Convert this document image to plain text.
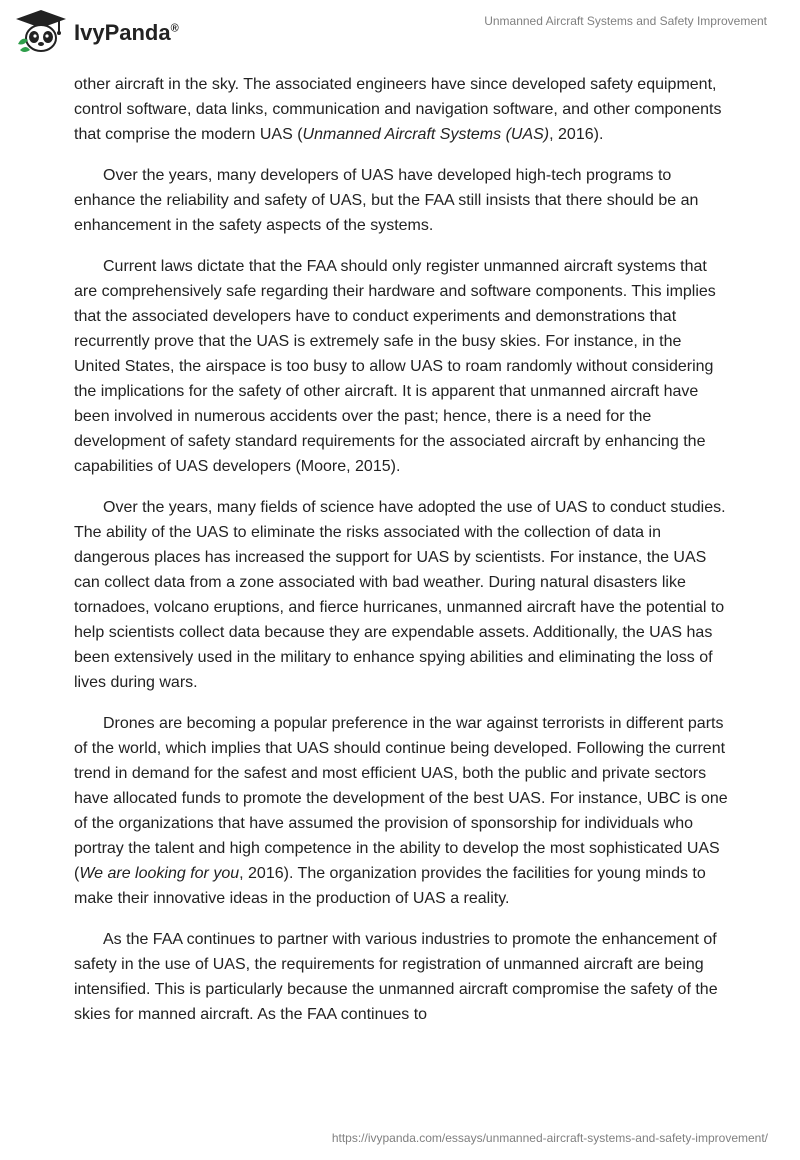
IvyPanda®
Unmanned Aircraft Systems and Safety Improvement

other aircraft in the sky. The associated engineers have since developed safety equipment, control software, data links, communication and navigation software, and other components that comprise the modern UAS (Unmanned Aircraft Systems (UAS), 2016).

Over the years, many developers of UAS have developed high-tech programs to enhance the reliability and safety of UAS, but the FAA still insists that there should be an enhancement in the safety aspects of the systems.

Current laws dictate that the FAA should only register unmanned aircraft systems that are comprehensively safe regarding their hardware and software components. This implies that the associated developers have to conduct experiments and demonstrations that recurrently prove that the UAS is extremely safe in the busy skies. For instance, in the United States, the airspace is too busy to allow UAS to roam randomly without considering the implications for the safety of other aircraft. It is apparent that unmanned aircraft have been involved in numerous accidents over the past; hence, there is a need for the development of safety standard requirements for the associated aircraft by enhancing the capabilities of UAS developers (Moore, 2015).

Over the years, many fields of science have adopted the use of UAS to conduct studies. The ability of the UAS to eliminate the risks associated with the collection of data in dangerous places has increased the support for UAS by scientists. For instance, the UAS can collect data from a zone associated with bad weather. During natural disasters like tornadoes, volcano eruptions, and fierce hurricanes, unmanned aircraft have the potential to help scientists collect data because they are expendable assets. Additionally, the UAS has been extensively used in the military to enhance spying abilities and eliminating the loss of lives during wars.

Drones are becoming a popular preference in the war against terrorists in different parts of the world, which implies that UAS should continue being developed. Following the current trend in demand for the safest and most efficient UAS, both the public and private sectors have allocated funds to promote the development of the best UAS. For instance, UBC is one of the organizations that have assumed the provision of sponsorship for individuals who portray the talent and high competence in the ability to develop the most sophisticated UAS (We are looking for you, 2016). The organization provides the facilities for young minds to make their innovative ideas in the production of UAS a reality.

As the FAA continues to partner with various industries to promote the enhancement of safety in the use of UAS, the requirements for registration of unmanned aircraft are being intensified. This is particularly because the unmanned aircraft compromise the safety of the skies for manned aircraft. As the FAA continues to

https://ivypanda.com/essays/unmanned-aircraft-systems-and-safety-improvement/
